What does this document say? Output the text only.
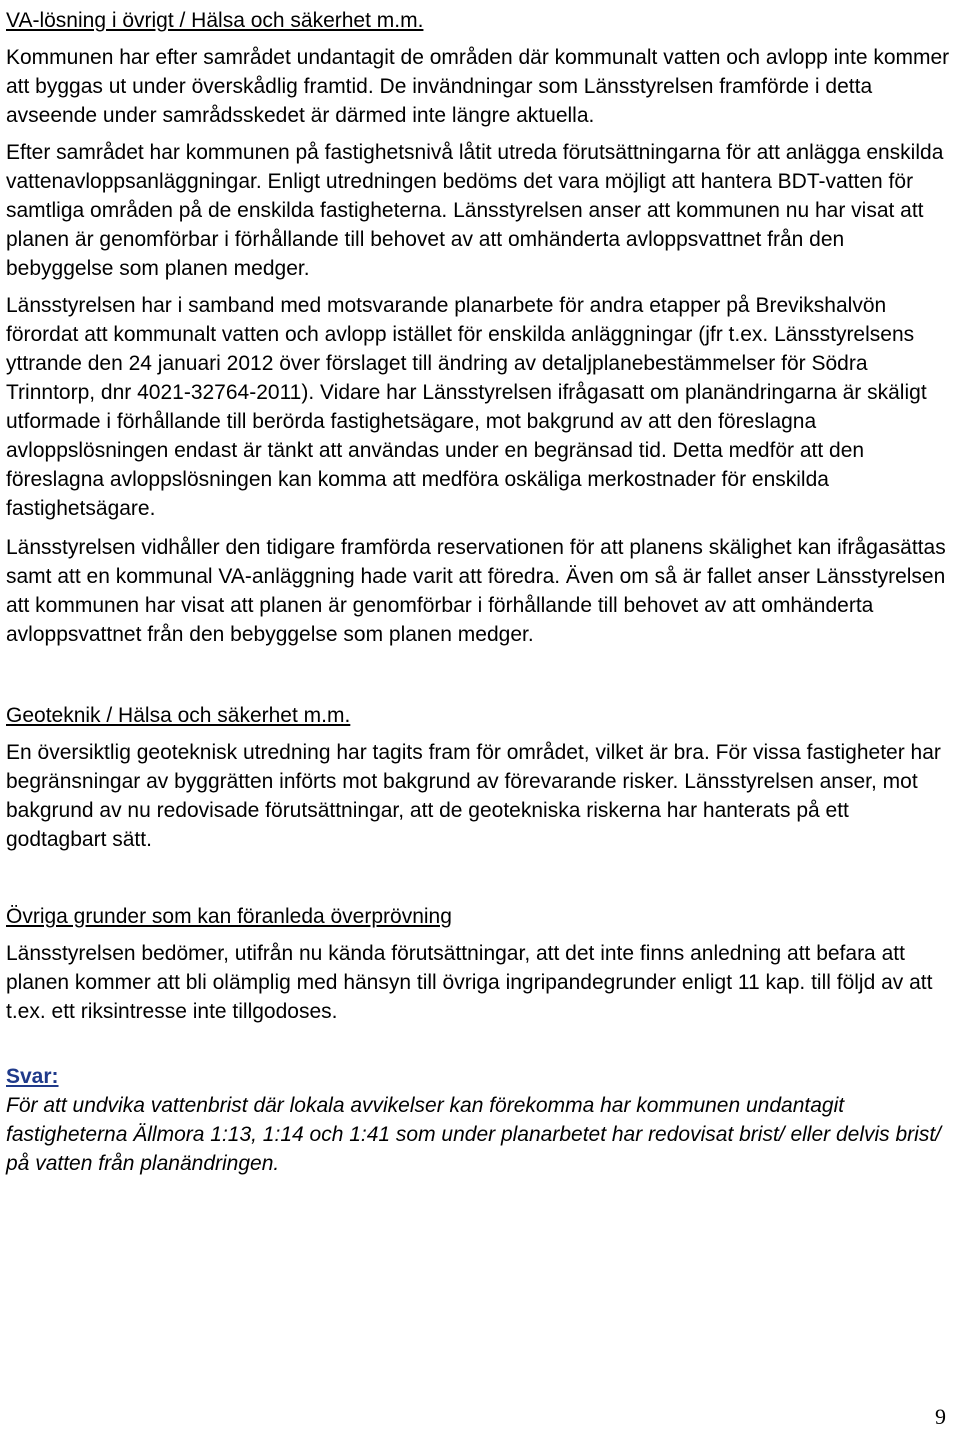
VA-lösning i övrigt / Hälsa och säkerhet m.m.

Kommunen har efter samrådet undantagit de områden där kommunalt vatten och avlopp inte kommer att byggas ut under överskådlig framtid. De invändningar som Länsstyrelsen framförde i detta avseende under samrådsskedet är därmed inte längre aktuella.

Efter samrådet har kommunen på fastighetsnivå låtit utreda förutsättningarna för att anlägga enskilda vattenavloppsanläggningar. Enligt utredningen bedöms det vara möjligt att hantera BDT-vatten för samtliga områden på de enskilda fastigheterna. Länsstyrelsen anser att kommunen nu har visat att planen är genomförbar i förhållande till behovet av att omhänderta avloppsvattnet från den bebyggelse som planen medger.

Länsstyrelsen har i samband med motsvarande planarbete för andra etapper på Brevikshalvön förordat att kommunalt vatten och avlopp istället för enskilda anläggningar (jfr t.ex. Länsstyrelsens yttrande den 24 januari 2012 över förslaget till ändring av detaljplanebestämmelser för Södra Trinntorp, dnr 4021-32764-2011). Vidare har Länsstyrelsen ifrågasatt om planändringarna är skäligt utformade i förhållande till berörda fastighetsägare, mot bakgrund av att den föreslagna avloppslösningen endast är tänkt att användas under en begränsad tid. Detta medför att den föreslagna avloppslösningen kan komma att medföra oskäliga merkostnader för enskilda fastighetsägare.

Länsstyrelsen vidhåller den tidigare framförda reservationen för att planens skälighet kan ifrågasättas samt att en kommunal VA-anläggning hade varit att föredra. Även om så är fallet anser Länsstyrelsen att kommunen har visat att planen är genomförbar i förhållande till behovet av att omhänderta avloppsvattnet från den bebyggelse som planen medger.

Geoteknik / Hälsa och säkerhet m.m.

En översiktlig geoteknisk utredning har tagits fram för området, vilket är bra. För vissa fastigheter har begränsningar av byggrätten införts mot bakgrund av förevarande risker. Länsstyrelsen anser, mot bakgrund av nu redovisade förutsättningar, att de geotekniska riskerna har hanterats på ett godtagbart sätt.

Övriga grunder som kan föranleda överprövning

Länsstyrelsen bedömer, utifrån nu kända förutsättningar, att det inte finns anledning att befara att planen kommer att bli olämplig med hänsyn till övriga ingripandegrunder enligt 11 kap. till följd av att t.ex. ett riksintresse inte tillgodoses.

Svar:

För att undvika vattenbrist där lokala avvikelser kan förekomma har kommunen undantagit fastigheterna Ällmora 1:13, 1:14 och 1:41 som under planarbetet har redovisat brist/ eller delvis brist/ på vatten från planändringen.

9
